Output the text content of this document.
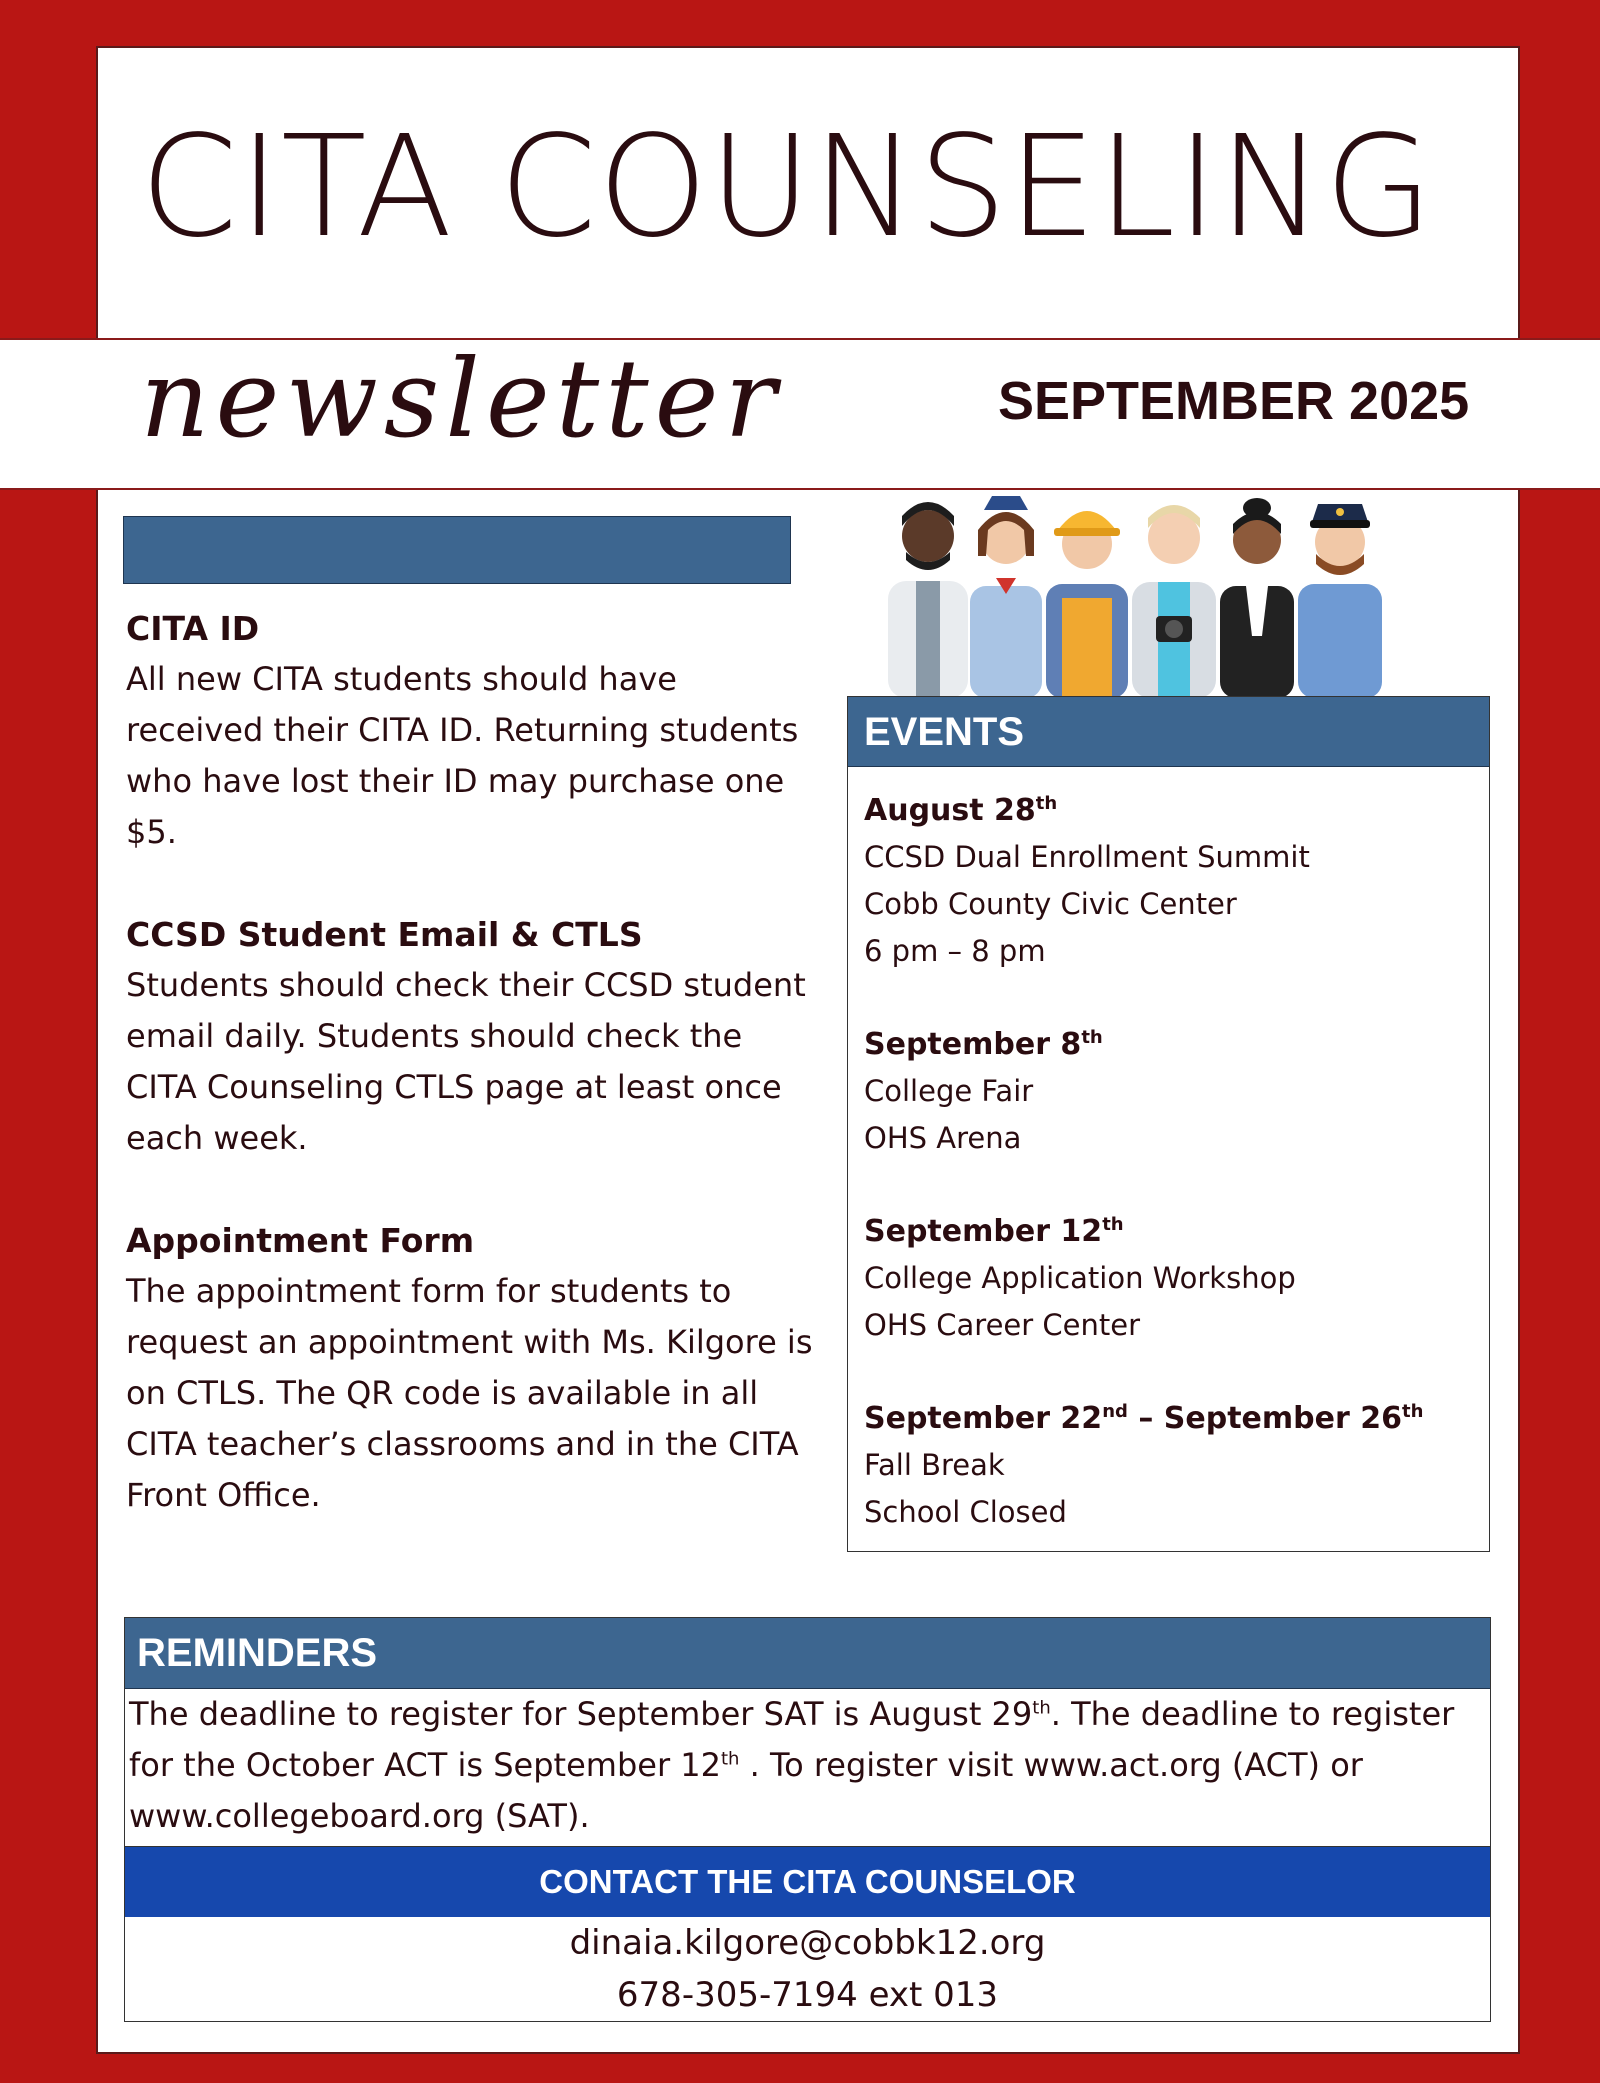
CITA COUNSELING
newsletter	SEPTEMBER 2025
CITA ID

All new CITA students should have received their CITA ID. Returning students who have lost their ID may purchase one $5.

CCSD Student Email & CTLS

Students should check their CCSD student email daily. Students should check the CITA Counseling CTLS page at least once each week.

Appointment Form

The appointment form for students to request an appointment with Ms. Kilgore is on CTLS. The QR code is available in all CITA teacher’s classrooms and in the CITA Front Office.

EVENTS
August 28th
CCSD Dual Enrollment Summit
Cobb County Civic Center
6 pm – 8 pm
September 8th
College Fair
OHS Arena
September 12th
College Application Workshop
OHS Career Center
September 22nd – September 26th
Fall Break
School Closed
REMINDERS
The deadline to register for September SAT is August 29th. The deadline to register for the October ACT is September 12th . To register visit www.act.org (ACT) or www.collegeboard.org (SAT).
CONTACT THE CITA COUNSELOR
dinaia.kilgore@cobbk12.org
678-305-7194 ext 013
